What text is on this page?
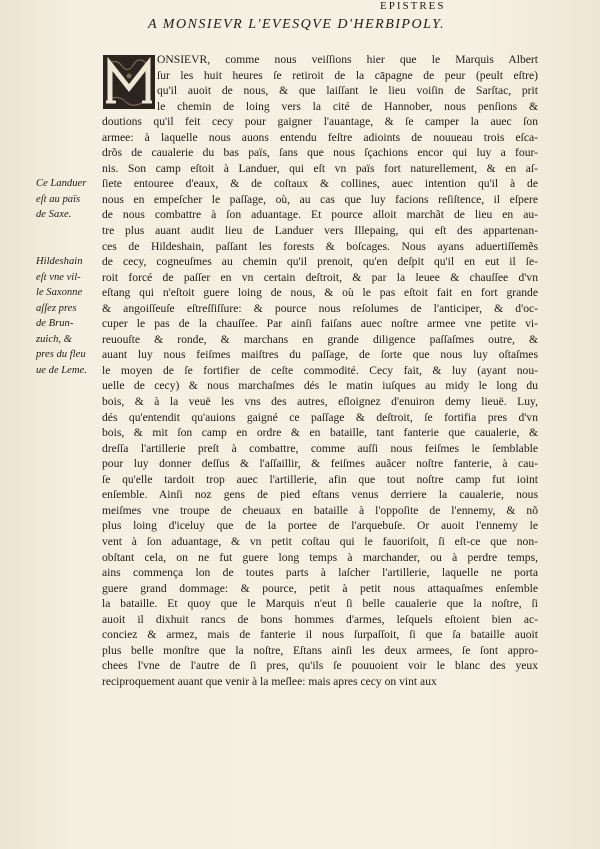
EPISTRES
A MONSIEVR L'EVESQVE D'HERBIPOLY.
Ce Landuer
eſt au païs
de Saxe.
Hildeshain
eſt vne vil-
le Saxonne
aſſez pres
de Brun-
zuich, &
pres du fleu
ue de Leme.
ONSIEVR, comme nous veiſſions hier que le Marquis Albert
ſur les huit heures ſe retiroit de la cāpagne de peur (peult eſtre)
qu'il auoit de nous, & que laiſſant le lieu voiſin de Sarſtac, prit
le chemin de loing vers la cité de Hannober, nous penſions &
doutions qu'il feit cecy pour gaigner l'auantage, & ſe camper la auec ſon
armee: à laquelle nous auons entendu feſtre adioints de nouueau trois eſca-
drõs de caualerie du bas païs, ſans que nous ſçachions encor qui luy a four-
nis. Son camp eſtoit à Landuer, qui eſt vn païs fort naturellement, & en aſ-
ſiete entouree d'eaux, & de coſtaux & collines, auec intention qu'il à de
nous en empeſcher le paſſage, où, au cas que luy facions reſiſtence, il eſpere
de nous combattre à ſon aduantage. Et pource alloit marchãt de lieu en au-
tre plus auant audit lieu de Landuer vers Illepaing, qui eſt des appartenan-
ces de Hildeshain, paſſant les forests & boſcages. Nous ayans aduertiſſemẽs
de cecy, cogneuſmes au chemin qu'il prenoit, qu'en deſpit qu'il en eut il ſe-
roit forcé de paſſer en vn certain deſtroit, & par la leuee & chauſſee d'vn
eſtang qui n'eſtoit guere loing de nous, & où le pas eſtoit fait en fort grande
& angoiſſeuſe eſtreſſiſſure: & pource nous reſolumes de l'anticiper, & d'oc-
cuper le pas de la chauſſee. Par ainſi faiſans auec noſtre armee vne petite vi-
reuouſte & ronde, & marchans en grande diligence paſſaſmes outre, &
auant luy nous feiſmes maiſtres du paſſage, de ſorte que nous luy oſtaſmes
le moyen de ſe fortifier de ceſte commodité. Cecy fait, & luy (ayant nou-
uelle de cecy) & nous marchaſmes dés le matin iuſques au midy le long du
bois, & à la veuë les vns des autres, eſloignez d'enuiron demy lieuë. Luy,
dés qu'entendit qu'auions gaigné ce paſſage & deſtroit, ſe fortifia pres d'vn
bois, & mit ſon camp en ordre & en bataille, tant fanterie que caualerie, &
dreſſa l'artillerie preſt à combattre, comme auſſi nous feiſmes le ſemblable
pour luy donner deſſus & l'aſſaillir, & feiſmes auãcer noſtre fanterie, à cau-
ſe qu'elle tardoit trop auec l'artillerie, afin que tout noſtre camp fut ioint
enſemble. Ainſi noz gens de pied eſtans venus derriere la caualerie, nous
meiſmes vne troupe de cheuaux en bataille à l'oppoſite de l'ennemy, & nõ
plus loing d'iceluy que de la portee de l'arquebuſe. Or auoit l'ennemy le
vent à ſon aduantage, & vn petit coſtau qui le fauoriſoit, ſi eſt-ce que non-
obſtant cela, on ne fut guere long temps à marchander, ou à perdre temps,
ains commença lon de toutes parts à laſcher l'artillerie, laquelle ne porta
guere grand dommage: & pource, petit à petit nous attaquaſmes enſemble
la bataille. Et quoy que le Marquis n'eut ſi belle caualerie que la noſtre, ſi
auoit il dixhuit rancs de bons hommes d'armes, leſquels eſtoient bien ac-
conciez & armez, mais de fanterie il nous ſurpaſſoit, ſi que ſa bataille auoit
plus belle monſtre que la noſtre, Eſtans ainſi les deux armees, ſe ſont appro-
chees l'vne de l'autre de ſi pres, qu'ils ſe pouuoient voir le blanc des yeux
reciproquement auant que venir à la meſlee: mais apres cecy on vint aux
